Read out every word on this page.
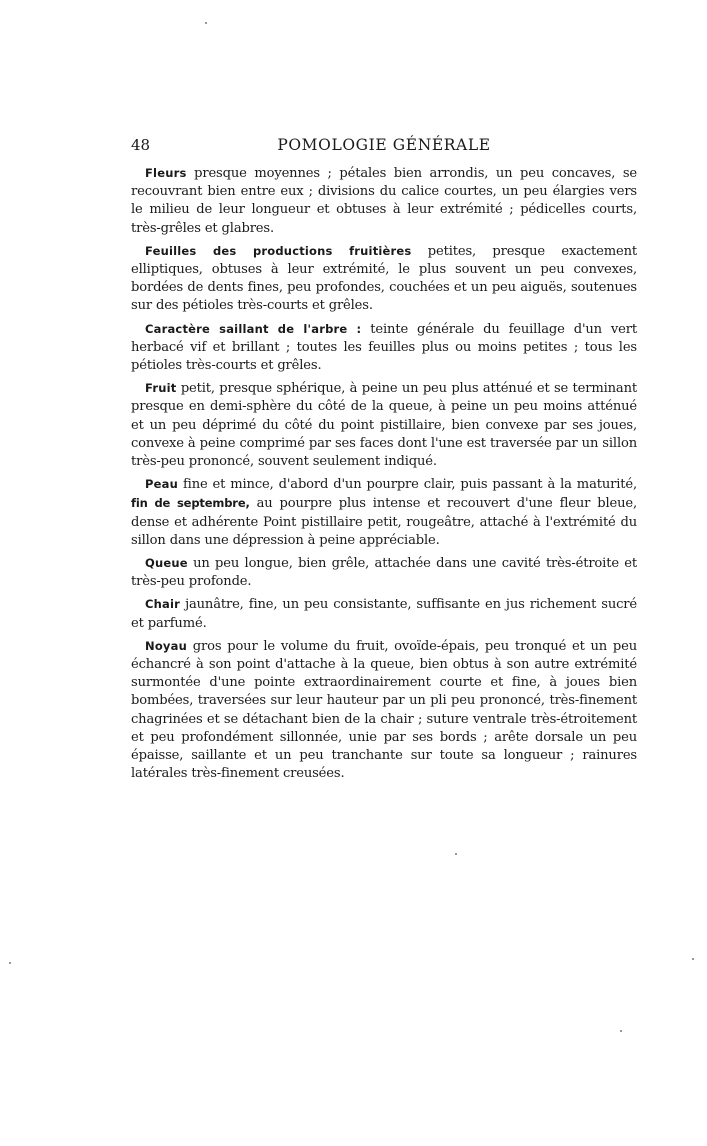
48	POMOLOGIE GÉNÉRALE

Fleurs presque moyennes ; pétales bien arrondis, un peu concaves, se recouvrant bien entre eux ; divisions du calice courtes, un peu élargies vers le milieu de leur longueur et obtuses à leur extrémité ; pédicelles courts, très-grêles et glabres.

Feuilles des productions fruitières petites, presque exactement elliptiques, obtuses à leur extrémité, le plus souvent un peu convexes, bordées de dents fines, peu profondes, couchées et un peu aiguës, soutenues sur des pétioles très-courts et grêles.

Caractère saillant de l'arbre : teinte générale du feuillage d'un vert herbacé vif et brillant ; toutes les feuilles plus ou moins petites ; tous les pétioles très-courts et grêles.

Fruit petit, presque sphérique, à peine un peu plus atténué et se terminant presque en demi-sphère du côté de la queue, à peine un peu moins atténué et un peu déprimé du côté du point pistillaire, bien convexe par ses joues, convexe à peine comprimé par ses faces dont l'une est traversée par un sillon très-peu prononcé, souvent seulement indiqué.

Peau fine et mince, d'abord d'un pourpre clair, puis passant à la maturité, fin de septembre, au pourpre plus intense et recouvert d'une fleur bleue, dense et adhérente Point pistillaire petit, rougeâtre, attaché à l'extrémité du sillon dans une dépression à peine appréciable.

Queue un peu longue, bien grêle, attachée dans une cavité très-étroite et très-peu profonde.

Chair jaunâtre, fine, un peu consistante, suffisante en jus richement sucré et parfumé.

Noyau gros pour le volume du fruit, ovoïde-épais, peu tronqué et un peu échancré à son point d'attache à la queue, bien obtus à son autre extrémité surmontée d'une pointe extraordinairement courte et fine, à joues bien bombées, traversées sur leur hauteur par un pli peu prononcé, très-finement chagrinées et se détachant bien de la chair ; suture ventrale très-étroitement et peu profondément sillonnée, unie par ses bords ; arête dorsale un peu épaisse, saillante et un peu tranchante sur toute sa longueur ; rainures latérales très-finement creusées.
